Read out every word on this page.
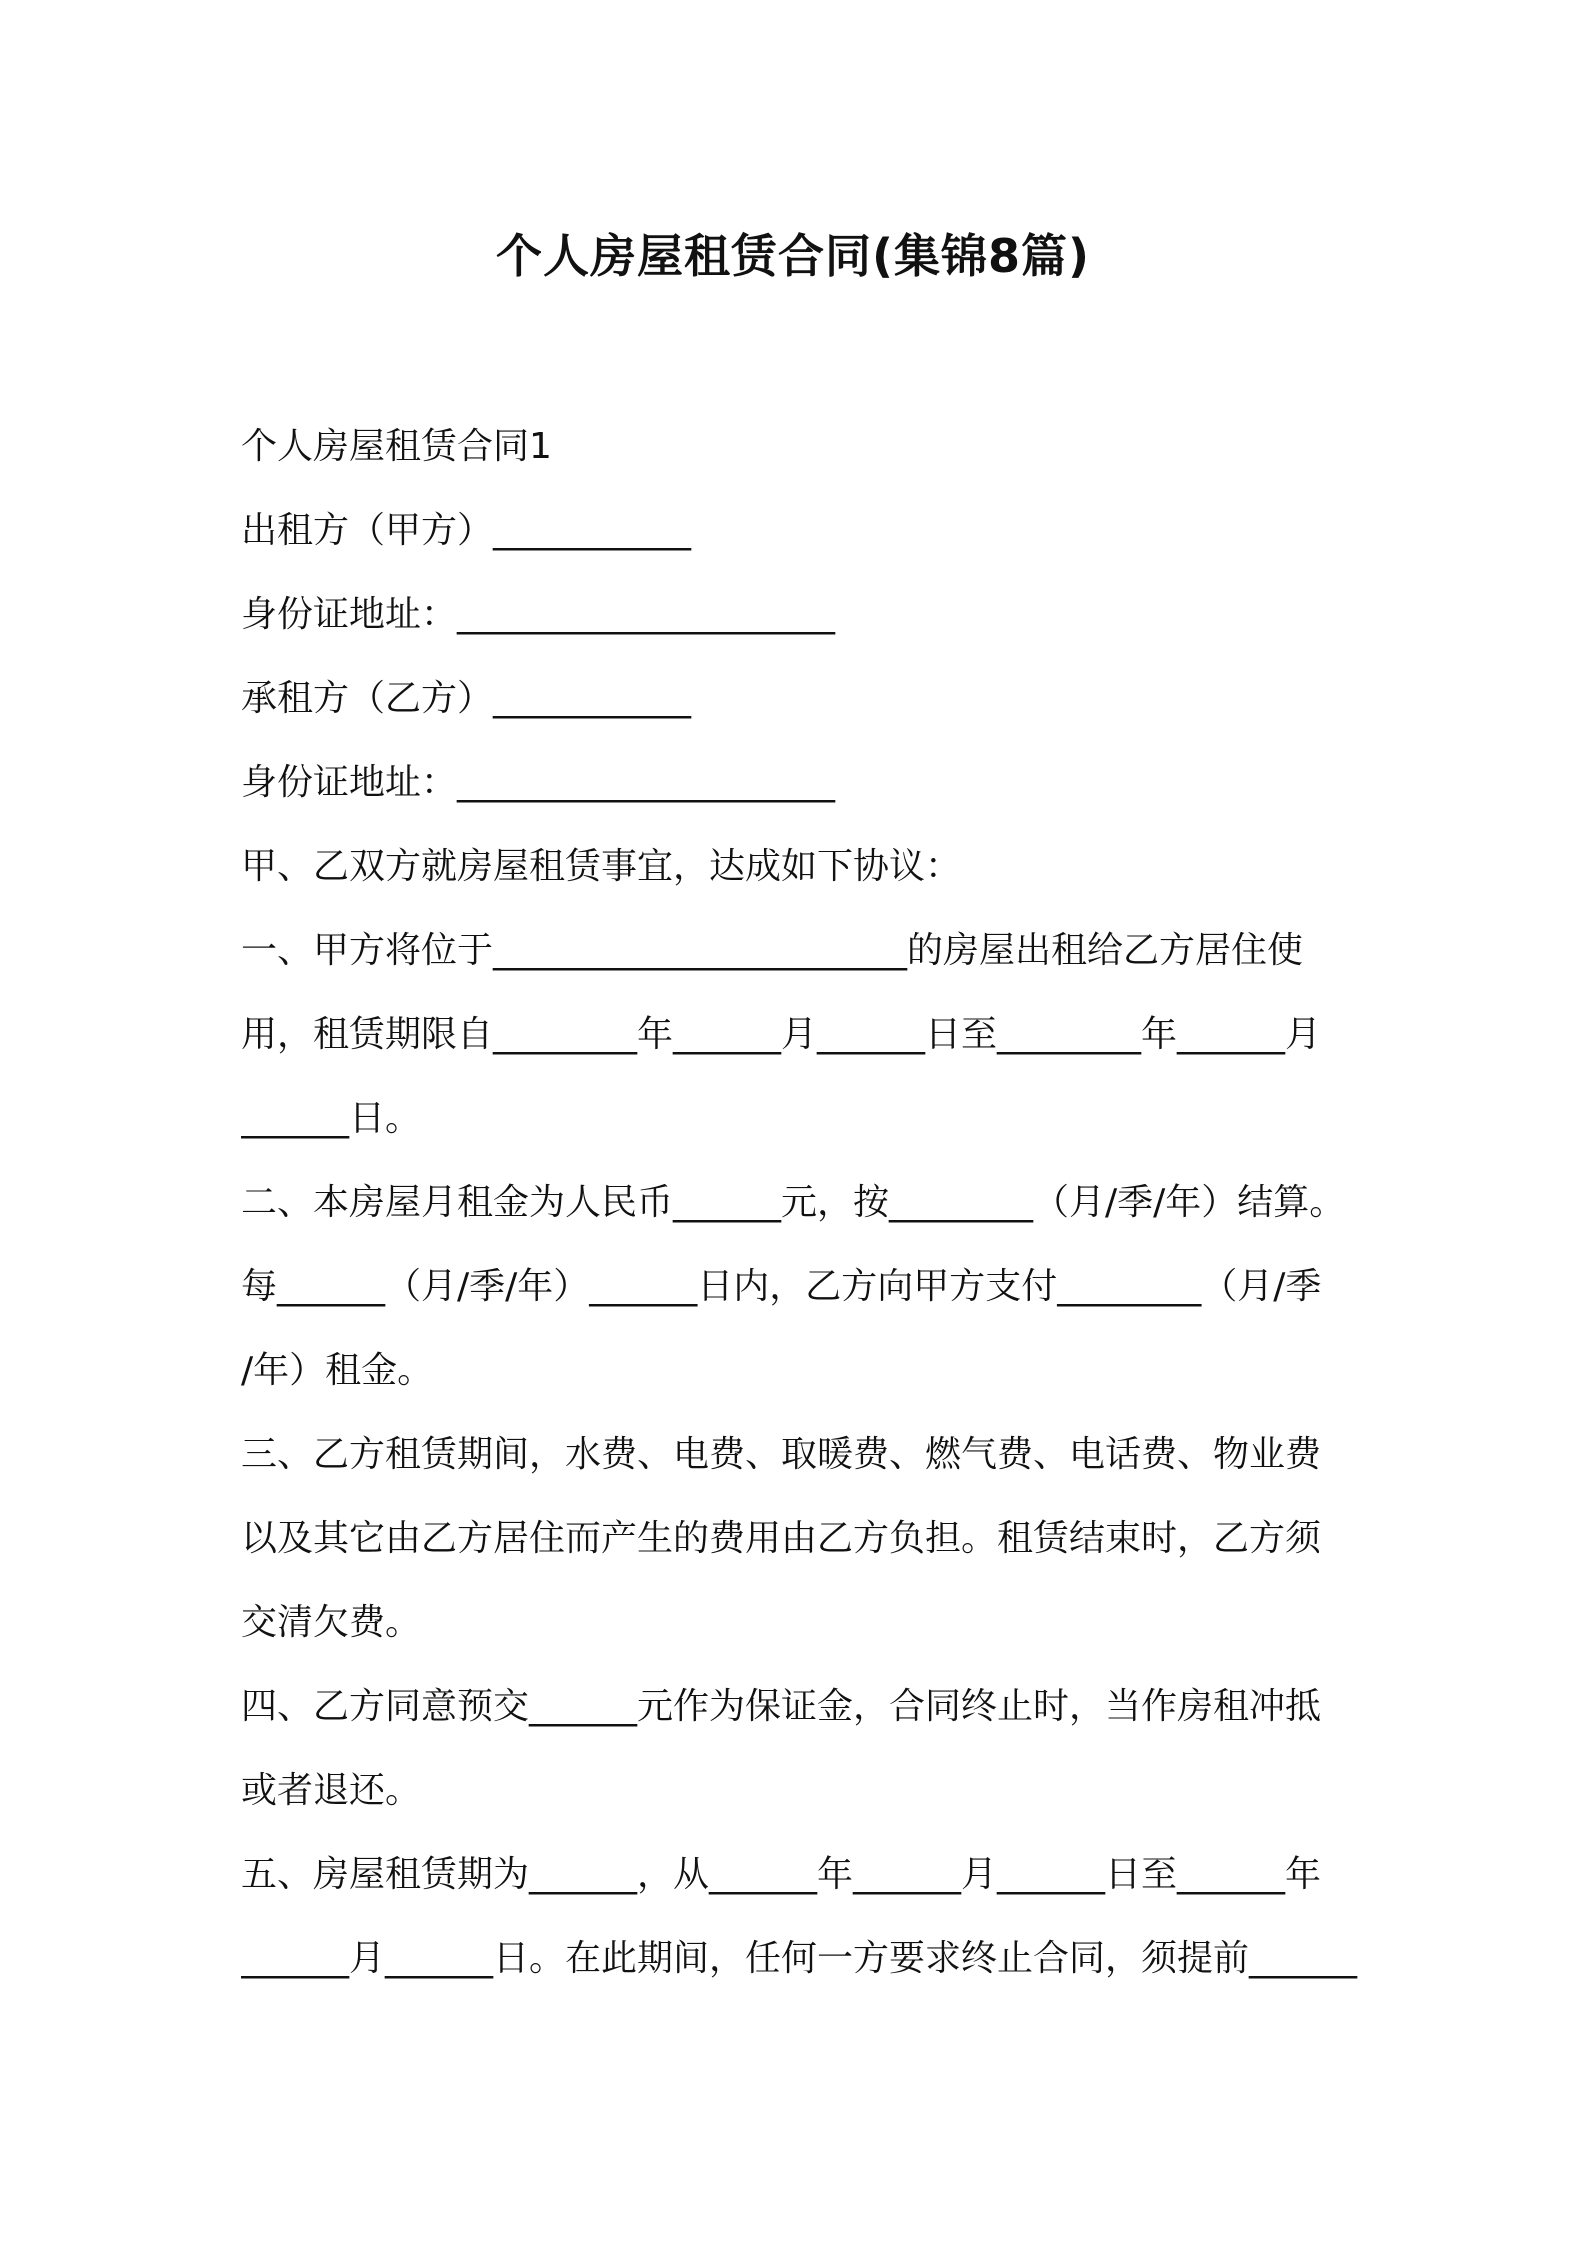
个人房屋租赁合同(集锦8篇)
个人房屋租赁合同1
出租方（甲方）___________
身份证地址：_____________________
承租方（乙方）___________
身份证地址：_____________________
甲、乙双方就房屋租赁事宜，达成如下协议：
一、甲方将位于_______________________的房屋出租给乙方居住使
用，租赁期限自________年______月______日至________年______月
______日。
二、本房屋月租金为人民币______元，按________（月/季/年）结算。
每______（月/季/年）______日内，乙方向甲方支付________（月/季
/年）租金。
三、乙方租赁期间，水费、电费、取暖费、燃气费、电话费、物业费
以及其它由乙方居住而产生的费用由乙方负担。租赁结束时，乙方须
交清欠费。
四、乙方同意预交______元作为保证金，合同终止时，当作房租冲抵
或者退还。
五、房屋租赁期为______，从______年______月______日至______年
______月______日。在此期间，任何一方要求终止合同，须提前______
